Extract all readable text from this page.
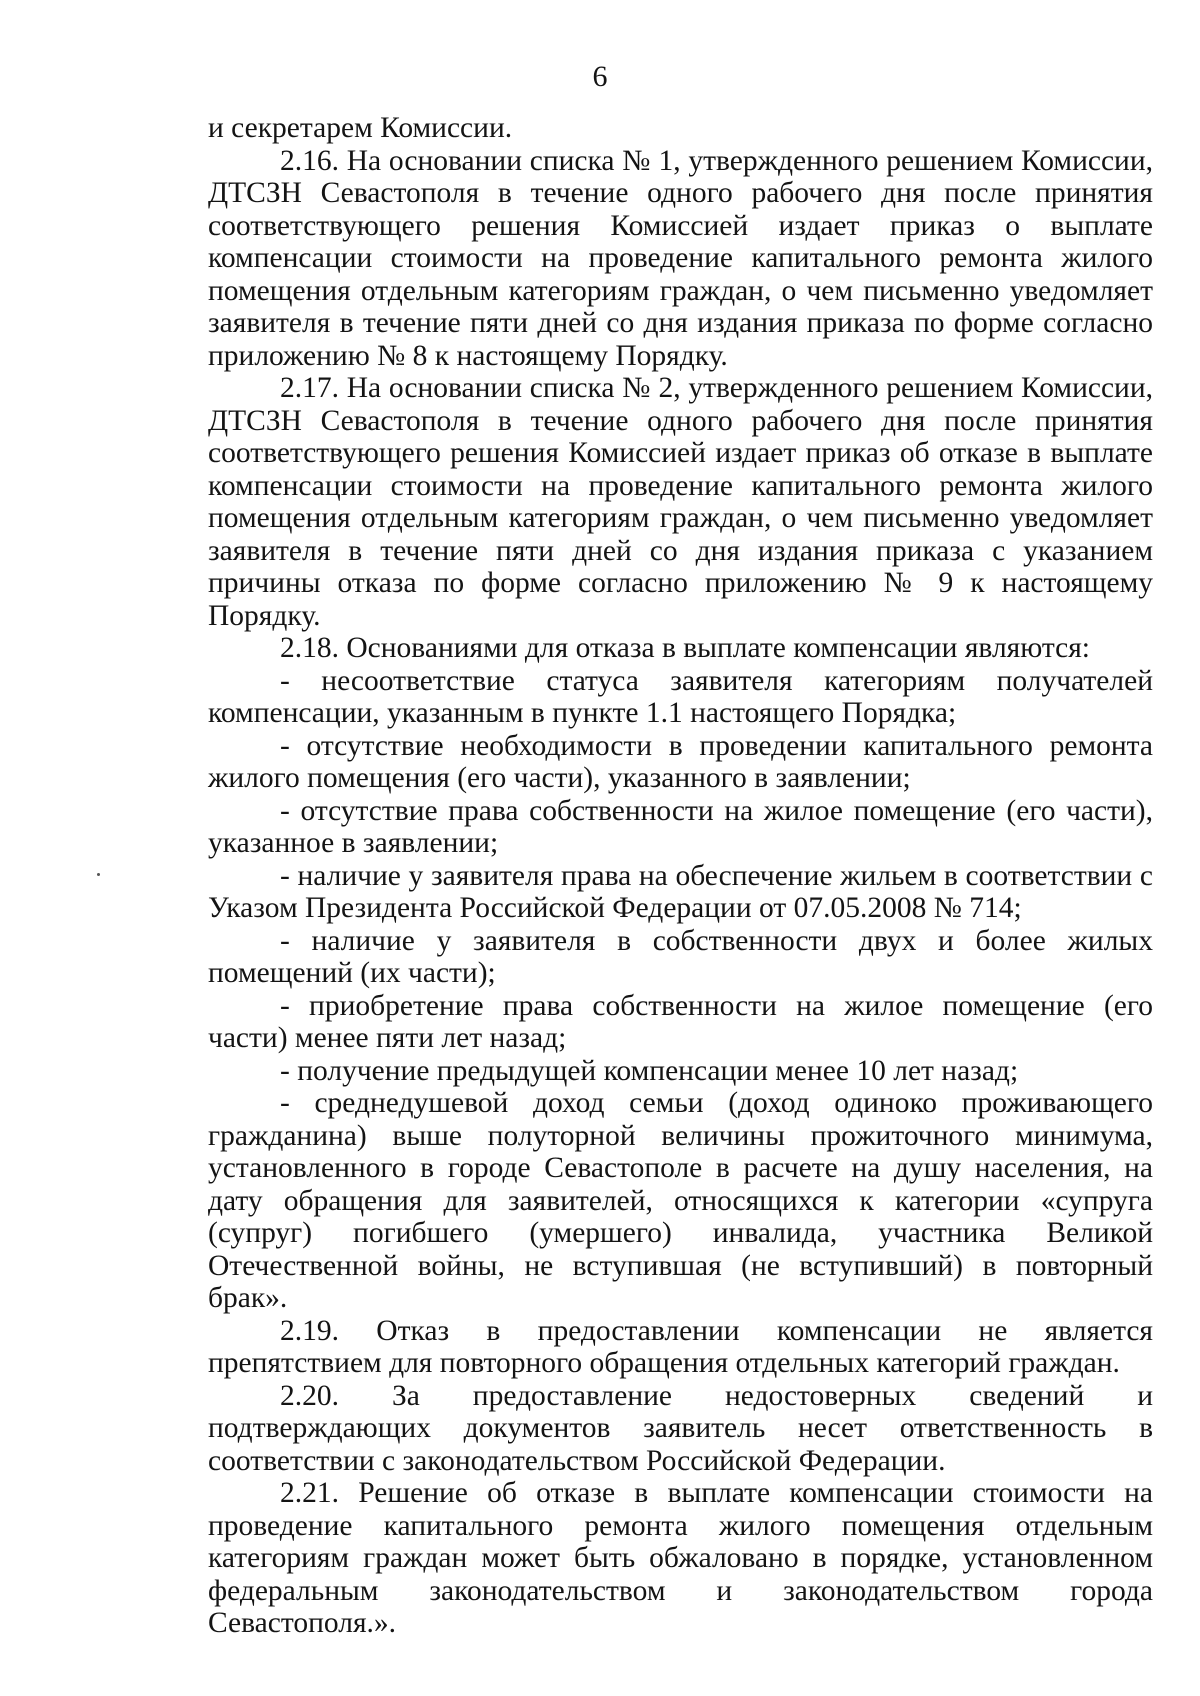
6

и секретарем Комиссии.

2.16. На основании списка № 1, утвержденного решением Комиссии, ДТСЗН Севастополя в течение одного рабочего дня после принятия соответствующего решения Комиссией издает приказ о выплате компенсации стоимости на проведение капитального ремонта жилого помещения отдельным категориям граждан, о чем письменно уведомляет заявителя в течение пяти дней со дня издания приказа по форме согласно приложению № 8 к настоящему Порядку.

2.17. На основании списка № 2, утвержденного решением Комиссии, ДТСЗН Севастополя в течение одного рабочего дня после принятия соответствующего решения Комиссией издает приказ об отказе в выплате компенсации стоимости на проведение капитального ремонта жилого помещения отдельным категориям граждан, о чем письменно уведомляет заявителя в течение пяти дней со дня издания приказа с указанием причины отказа по форме согласно приложению № 9 к настоящему Порядку.

2.18. Основаниями для отказа в выплате компенсации являются:

- несоответствие статуса заявителя категориям получателей компенсации, указанным в пункте 1.1 настоящего Порядка;

- отсутствие необходимости в проведении капитального ремонта жилого помещения (его части), указанного в заявлении;

- отсутствие права собственности на жилое помещение (его части), указанное в заявлении;

- наличие у заявителя права на обеспечение жильем в соответствии с Указом Президента Российской Федерации от 07.05.2008 № 714;

- наличие у заявителя в собственности двух и более жилых помещений (их части);

- приобретение права собственности на жилое помещение (его части) менее пяти лет назад;

- получение предыдущей компенсации менее 10 лет назад;

- среднедушевой доход семьи (доход одиноко проживающего гражданина) выше полуторной величины прожиточного минимума, установленного в городе Севастополе в расчете на душу населения, на дату обращения для заявителей, относящихся к категории «супруга (супруг) погибшего (умершего) инвалида, участника Великой Отечественной войны, не вступившая (не вступивший) в повторный брак».

2.19. Отказ в предоставлении компенсации не является препятствием для повторного обращения отдельных категорий граждан.

2.20. За предоставление недостоверных сведений и подтверждающих документов заявитель несет ответственность в соответствии с законодательством Российской Федерации.

2.21. Решение об отказе в выплате компенсации стоимости на проведение капитального ремонта жилого помещения отдельным категориям граждан может быть обжаловано в порядке, установленном федеральным законодательством и законодательством города Севастополя.».
